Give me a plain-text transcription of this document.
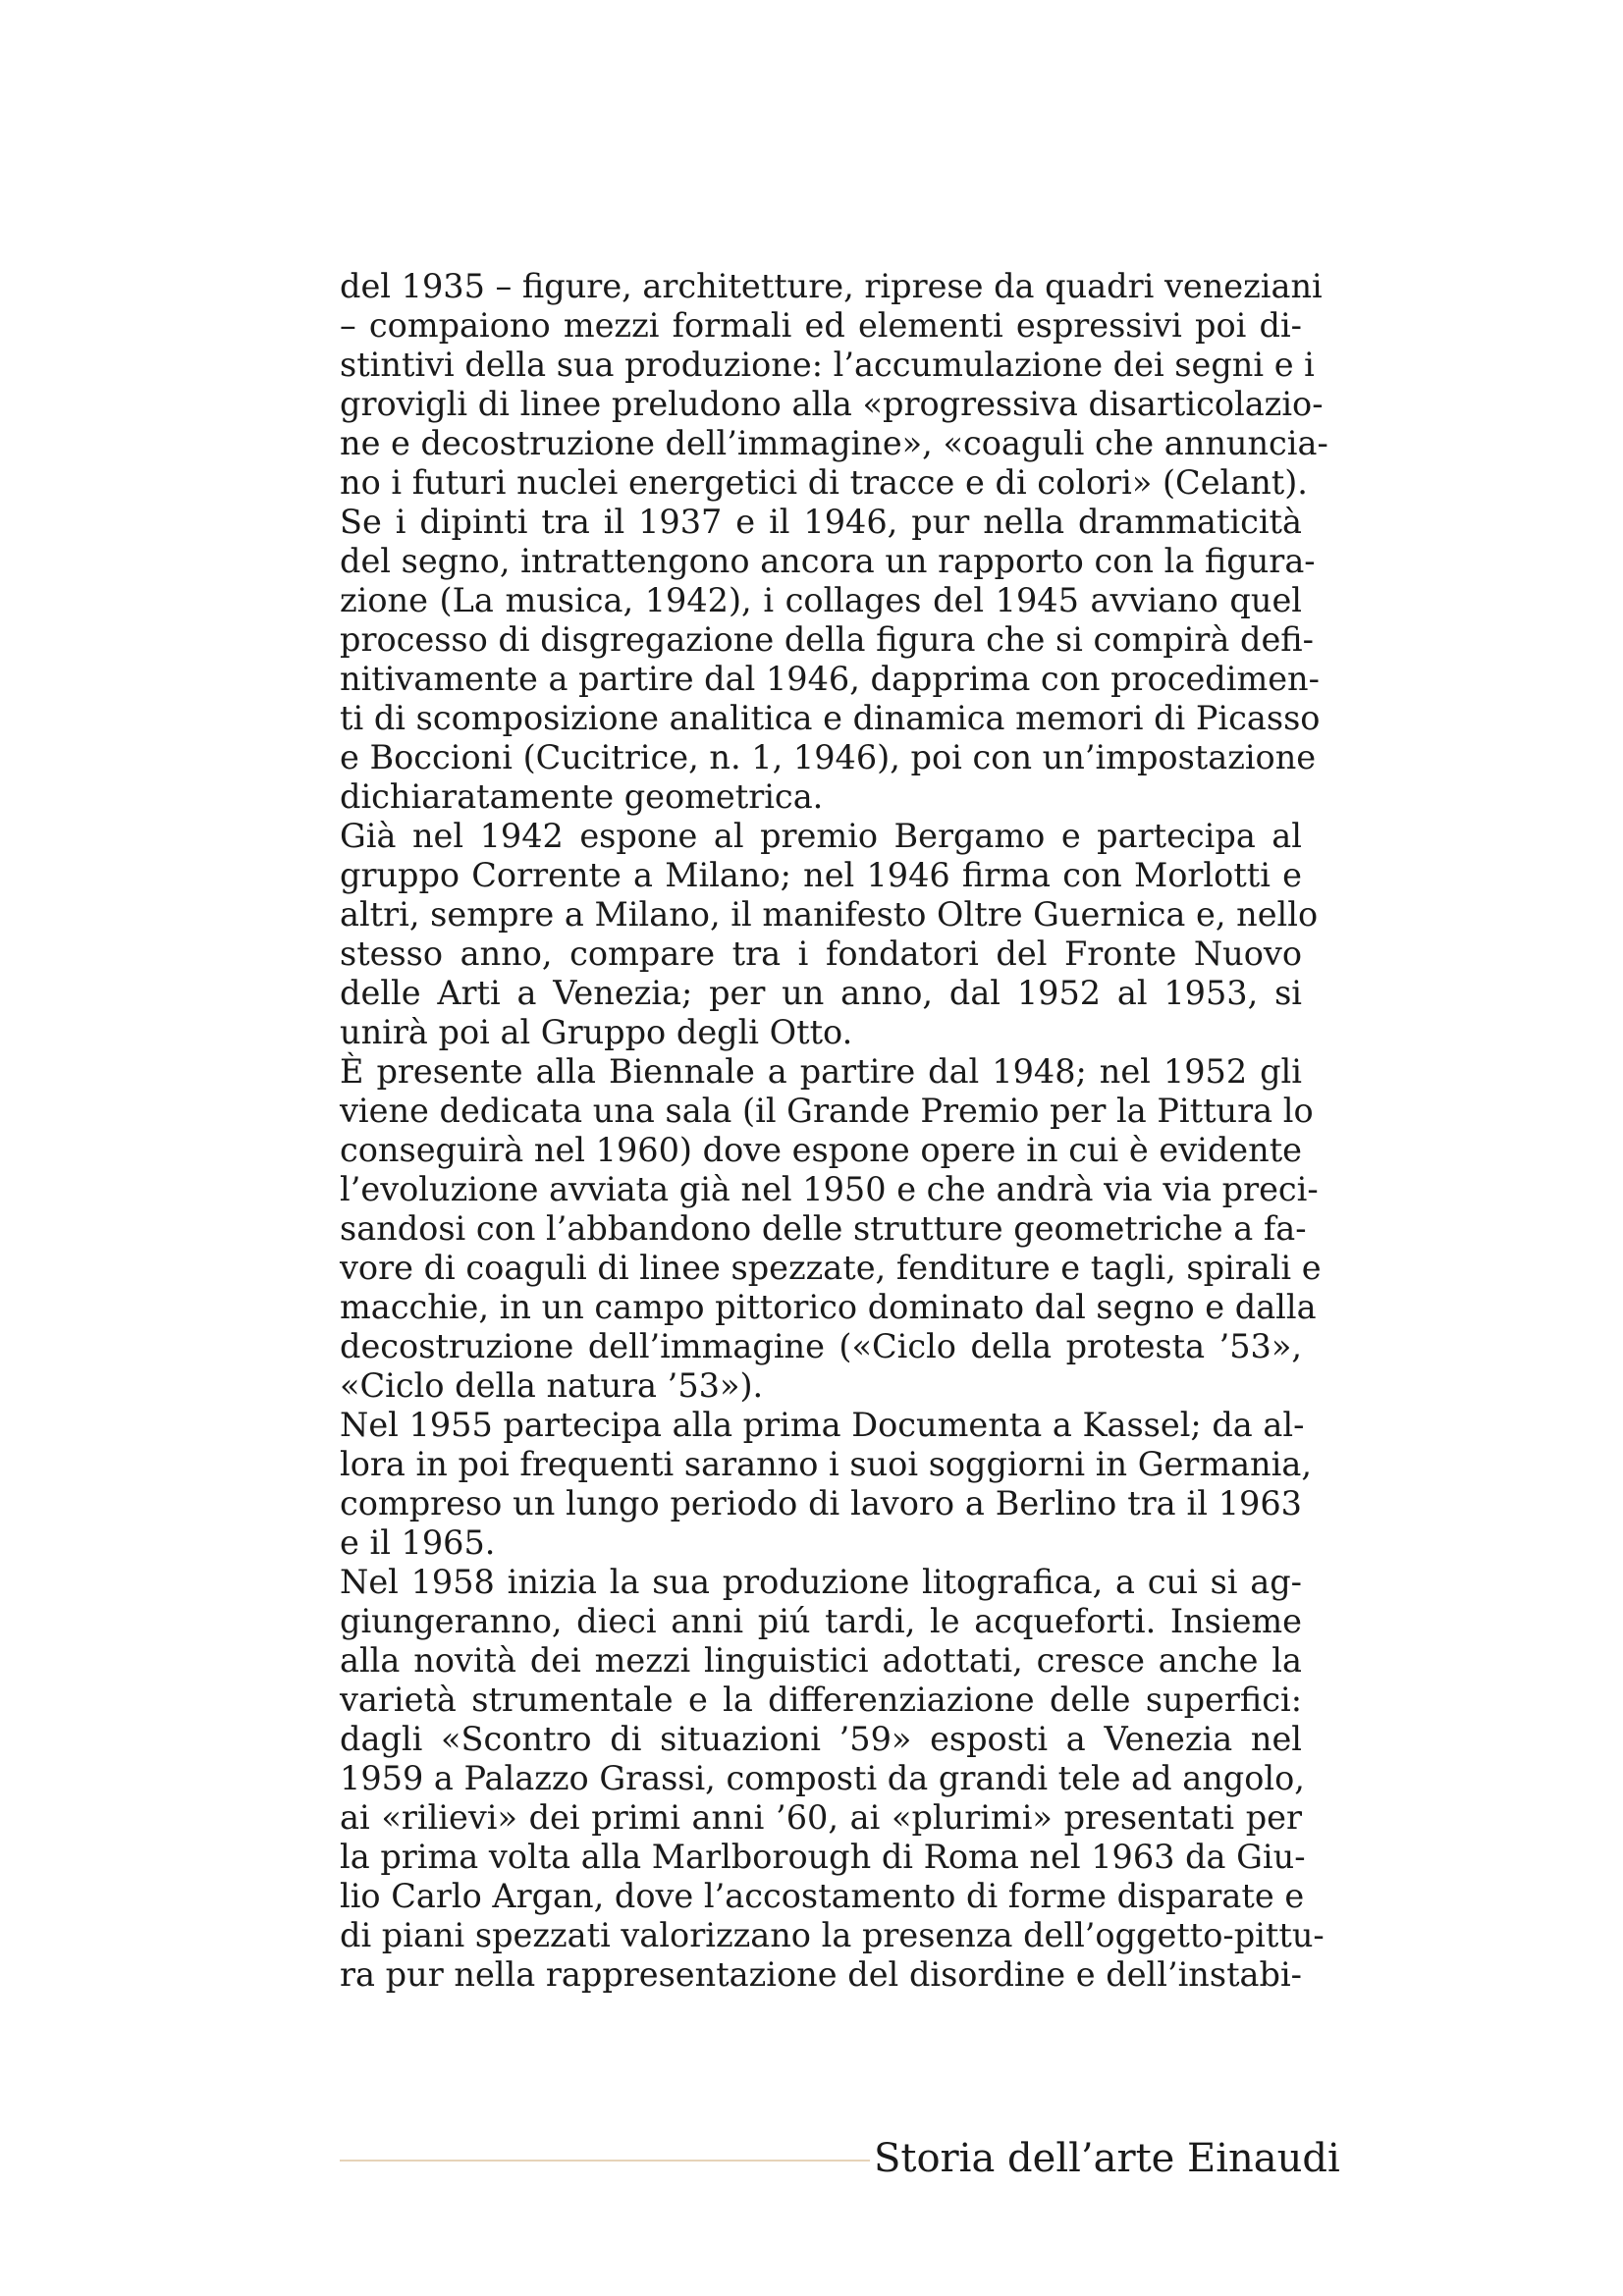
del 1935 – figure, architetture, riprese da quadri veneziani
– compaiono mezzi formali ed elementi espressivi poi di-
stintivi della sua produzione: l’accumulazione dei segni e i
grovigli di linee preludono alla «progressiva disarticolazio-
ne e decostruzione dell’immagine», «coaguli che annuncia-
no i futuri nuclei energetici di tracce e di colori» (Celant).
Se i dipinti tra il 1937 e il 1946, pur nella drammaticità
del segno, intrattengono ancora un rapporto con la figura-
zione (La musica, 1942), i collages del 1945 avviano quel
processo di disgregazione della figura che si compirà defi-
nitivamente a partire dal 1946, dapprima con procedimen-
ti di scomposizione analitica e dinamica memori di Picasso
e Boccioni (Cucitrice, n. 1, 1946), poi con un’impostazione
dichiaratamente geometrica.
Già nel 1942 espone al premio Bergamo e partecipa al
gruppo Corrente a Milano; nel 1946 firma con Morlotti e
altri, sempre a Milano, il manifesto Oltre Guernica e, nello
stesso anno, compare tra i fondatori del Fronte Nuovo
delle Arti a Venezia; per un anno, dal 1952 al 1953, si
unirà poi al Gruppo degli Otto.
È presente alla Biennale a partire dal 1948; nel 1952 gli
viene dedicata una sala (il Grande Premio per la Pittura lo
conseguirà nel 1960) dove espone opere in cui è evidente
l’evoluzione avviata già nel 1950 e che andrà via via preci-
sandosi con l’abbandono delle strutture geometriche a fa-
vore di coaguli di linee spezzate, fenditure e tagli, spirali e
macchie, in un campo pittorico dominato dal segno e dalla
decostruzione dell’immagine («Ciclo della protesta ’53»,
«Ciclo della natura ’53»).
Nel 1955 partecipa alla prima Documenta a Kassel; da al-
lora in poi frequenti saranno i suoi soggiorni in Germania,
compreso un lungo periodo di lavoro a Berlino tra il 1963
e il 1965.
Nel 1958 inizia la sua produzione litografica, a cui si ag-
giungeranno, dieci anni piú tardi, le acqueforti. Insieme
alla novità dei mezzi linguistici adottati, cresce anche la
varietà strumentale e la differenziazione delle superfici:
dagli «Scontro di situazioni ’59» esposti a Venezia nel
1959 a Palazzo Grassi, composti da grandi tele ad angolo,
ai «rilievi» dei primi anni ’60, ai «plurimi» presentati per
la prima volta alla Marlborough di Roma nel 1963 da Giu-
lio Carlo Argan, dove l’accostamento di forme disparate e
di piani spezzati valorizzano la presenza dell’oggetto-pittu-
ra pur nella rappresentazione del disordine e dell’instabi-
Storia dell’arte Einaudi
